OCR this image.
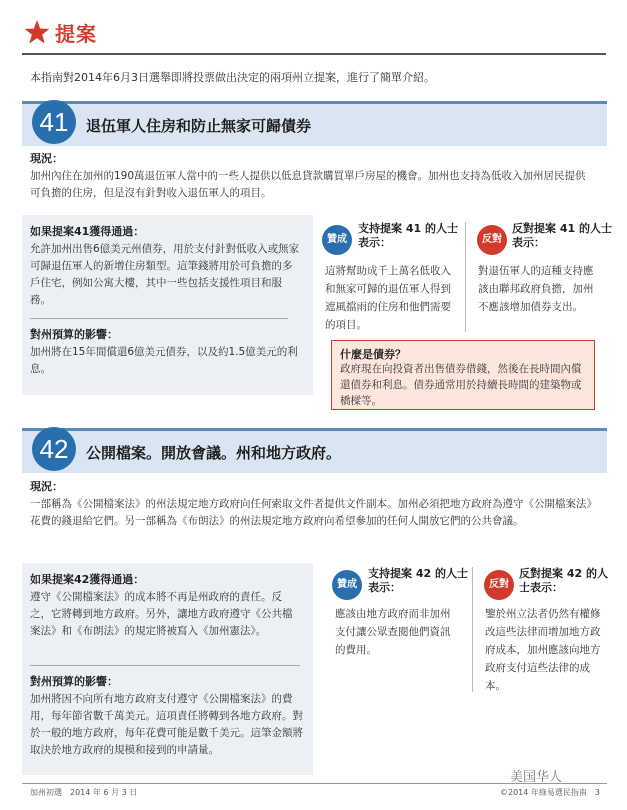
提案
本指南對2014年6月3日選舉即將投票做出決定的兩項州立提案，進行了簡單介紹。
41	退伍軍人住房和防止無家可歸債券
現況：
加州內住在加州的190萬退伍軍人當中的一些人提供以低息貸款購買單戶房屋的機會。加州也支持為低收入加州居民提供可負擔的住房，但是沒有針對收入退伍軍人的項目。
如果提案41獲得通過：
允許加州出售6億美元州債券，用於支付針對低收入或無家可歸退伍軍人的新增住房類型。這筆錢將用於可負擔的多戶住宅，例如公寓大樓，其中一些包括支援性項目和服務。
對州預算的影響：
加州將在15年間償還6億美元債券，以及約1.5億美元的利息。
贊成
支持提案 41 的人士表示：
這將幫助成千上萬名低收入和無家可歸的退伍軍人得到遮風擋雨的住房和他們需要的項目。
反對
反對提案 41 的人士表示：
對退伍軍人的這種支持應該由聯邦政府負擔，加州不應該增加債券支出。
什麼是債券？
政府現在向投資者出售債券借錢，然後在長時間內償還債券和利息。債券通常用於持續長時間的建築物或橋樑等。
42	公開檔案。開放會議。州和地方政府。
現況：
一部稱為《公開檔案法》的州法規定地方政府向任何索取文件者提供文件副本。加州必須把地方政府為遵守《公開檔案法》花費的錢退給它們。另一部稱為《布朗法》的州法規定地方政府向希望參加的任何人開放它們的公共會議。
如果提案42獲得通過：
遵守《公開檔案法》的成本將不再是州政府的責任。反之，它將轉到地方政府。另外，讓地方政府遵守《公共檔案法》和《布朗法》的規定將被寫入《加州憲法》。
對州預算的影響：
加州將因不向所有地方政府支付遵守《公開檔案法》的費用，每年節省數千萬美元。這項責任將轉到各地方政府。對於一般的地方政府，每年花費可能是數千美元。這筆金額將取決於地方政府的規模和接到的申請量。
贊成
支持提案 42 的人士表示：
應該由地方政府而非加州支付讓公眾查閱他們資訊的費用。
反對
反對提案 42 的人士表示：
鑒於州立法者仍然有權修改這些法律而增加地方政府成本，加州應該向地方政府支付這些法律的成本。
美国华人
加州初選　2014 年 6 月 3 日	©2014 年綠易選民指南　3
